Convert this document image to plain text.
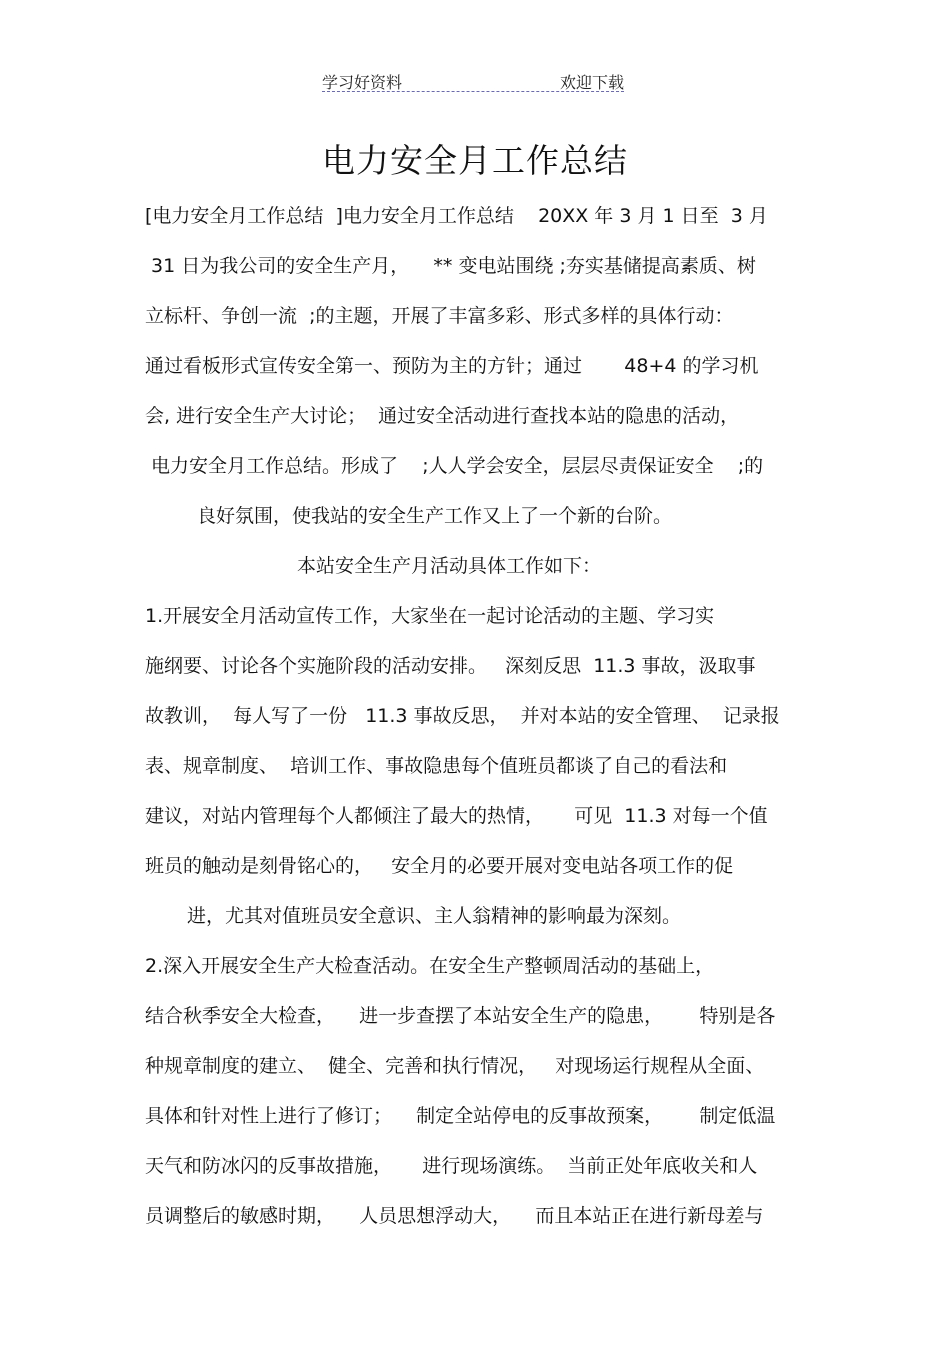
学习好资料	欢迎下载
电力安全月工作总结
[电力安全月工作总结  ]电力安全月工作总结    20XX 年 3 月 1 日至  3 月
31 日为我公司的安全生产月，    ** 变电站围绕 ;夯实基储提高素质、树
立标杆、争创一流  ;的主题，开展了丰富多彩、形式多样的具体行动：
通过看板形式宣传安全第一、预防为主的方针；通过       48+4 的学习机
会, 进行安全生产大讨论；  通过安全活动进行查找本站的隐患的活动，
电力安全月工作总结。形成了    ;人人学会安全，层层尽责保证安全    ;的
良好氛围，使我站的安全生产工作又上了一个新的台阶。
本站安全生产月活动具体工作如下：
1.开展安全月活动宣传工作，大家坐在一起讨论活动的主题、学习实
施纲要、讨论各个实施阶段的活动安排。   深刻反思  11.3 事故，汲取事
故教训，  每人写了一份   11.3 事故反思，  并对本站的安全管理、  记录报
表、规章制度、  培训工作、事故隐患每个值班员都谈了自己的看法和
建议，对站内管理每个人都倾注了最大的热情，     可见  11.3 对每一个值
班员的触动是刻骨铭心的，   安全月的必要开展对变电站各项工作的促
进，尤其对值班员安全意识、主人翁精神的影响最为深刻。
2.深入开展安全生产大检查活动。在安全生产整顿周活动的基础上，
结合秋季安全大检查，    进一步查摆了本站安全生产的隐患，      特别是各
种规章制度的建立、  健全、完善和执行情况，   对现场运行规程从全面、
具体和针对性上进行了修订；    制定全站停电的反事故预案，      制定低温
天气和防冰闪的反事故措施，     进行现场演练。  当前正处年底收关和人
员调整后的敏感时期，    人员思想浮动大，    而且本站正在进行新母差与
